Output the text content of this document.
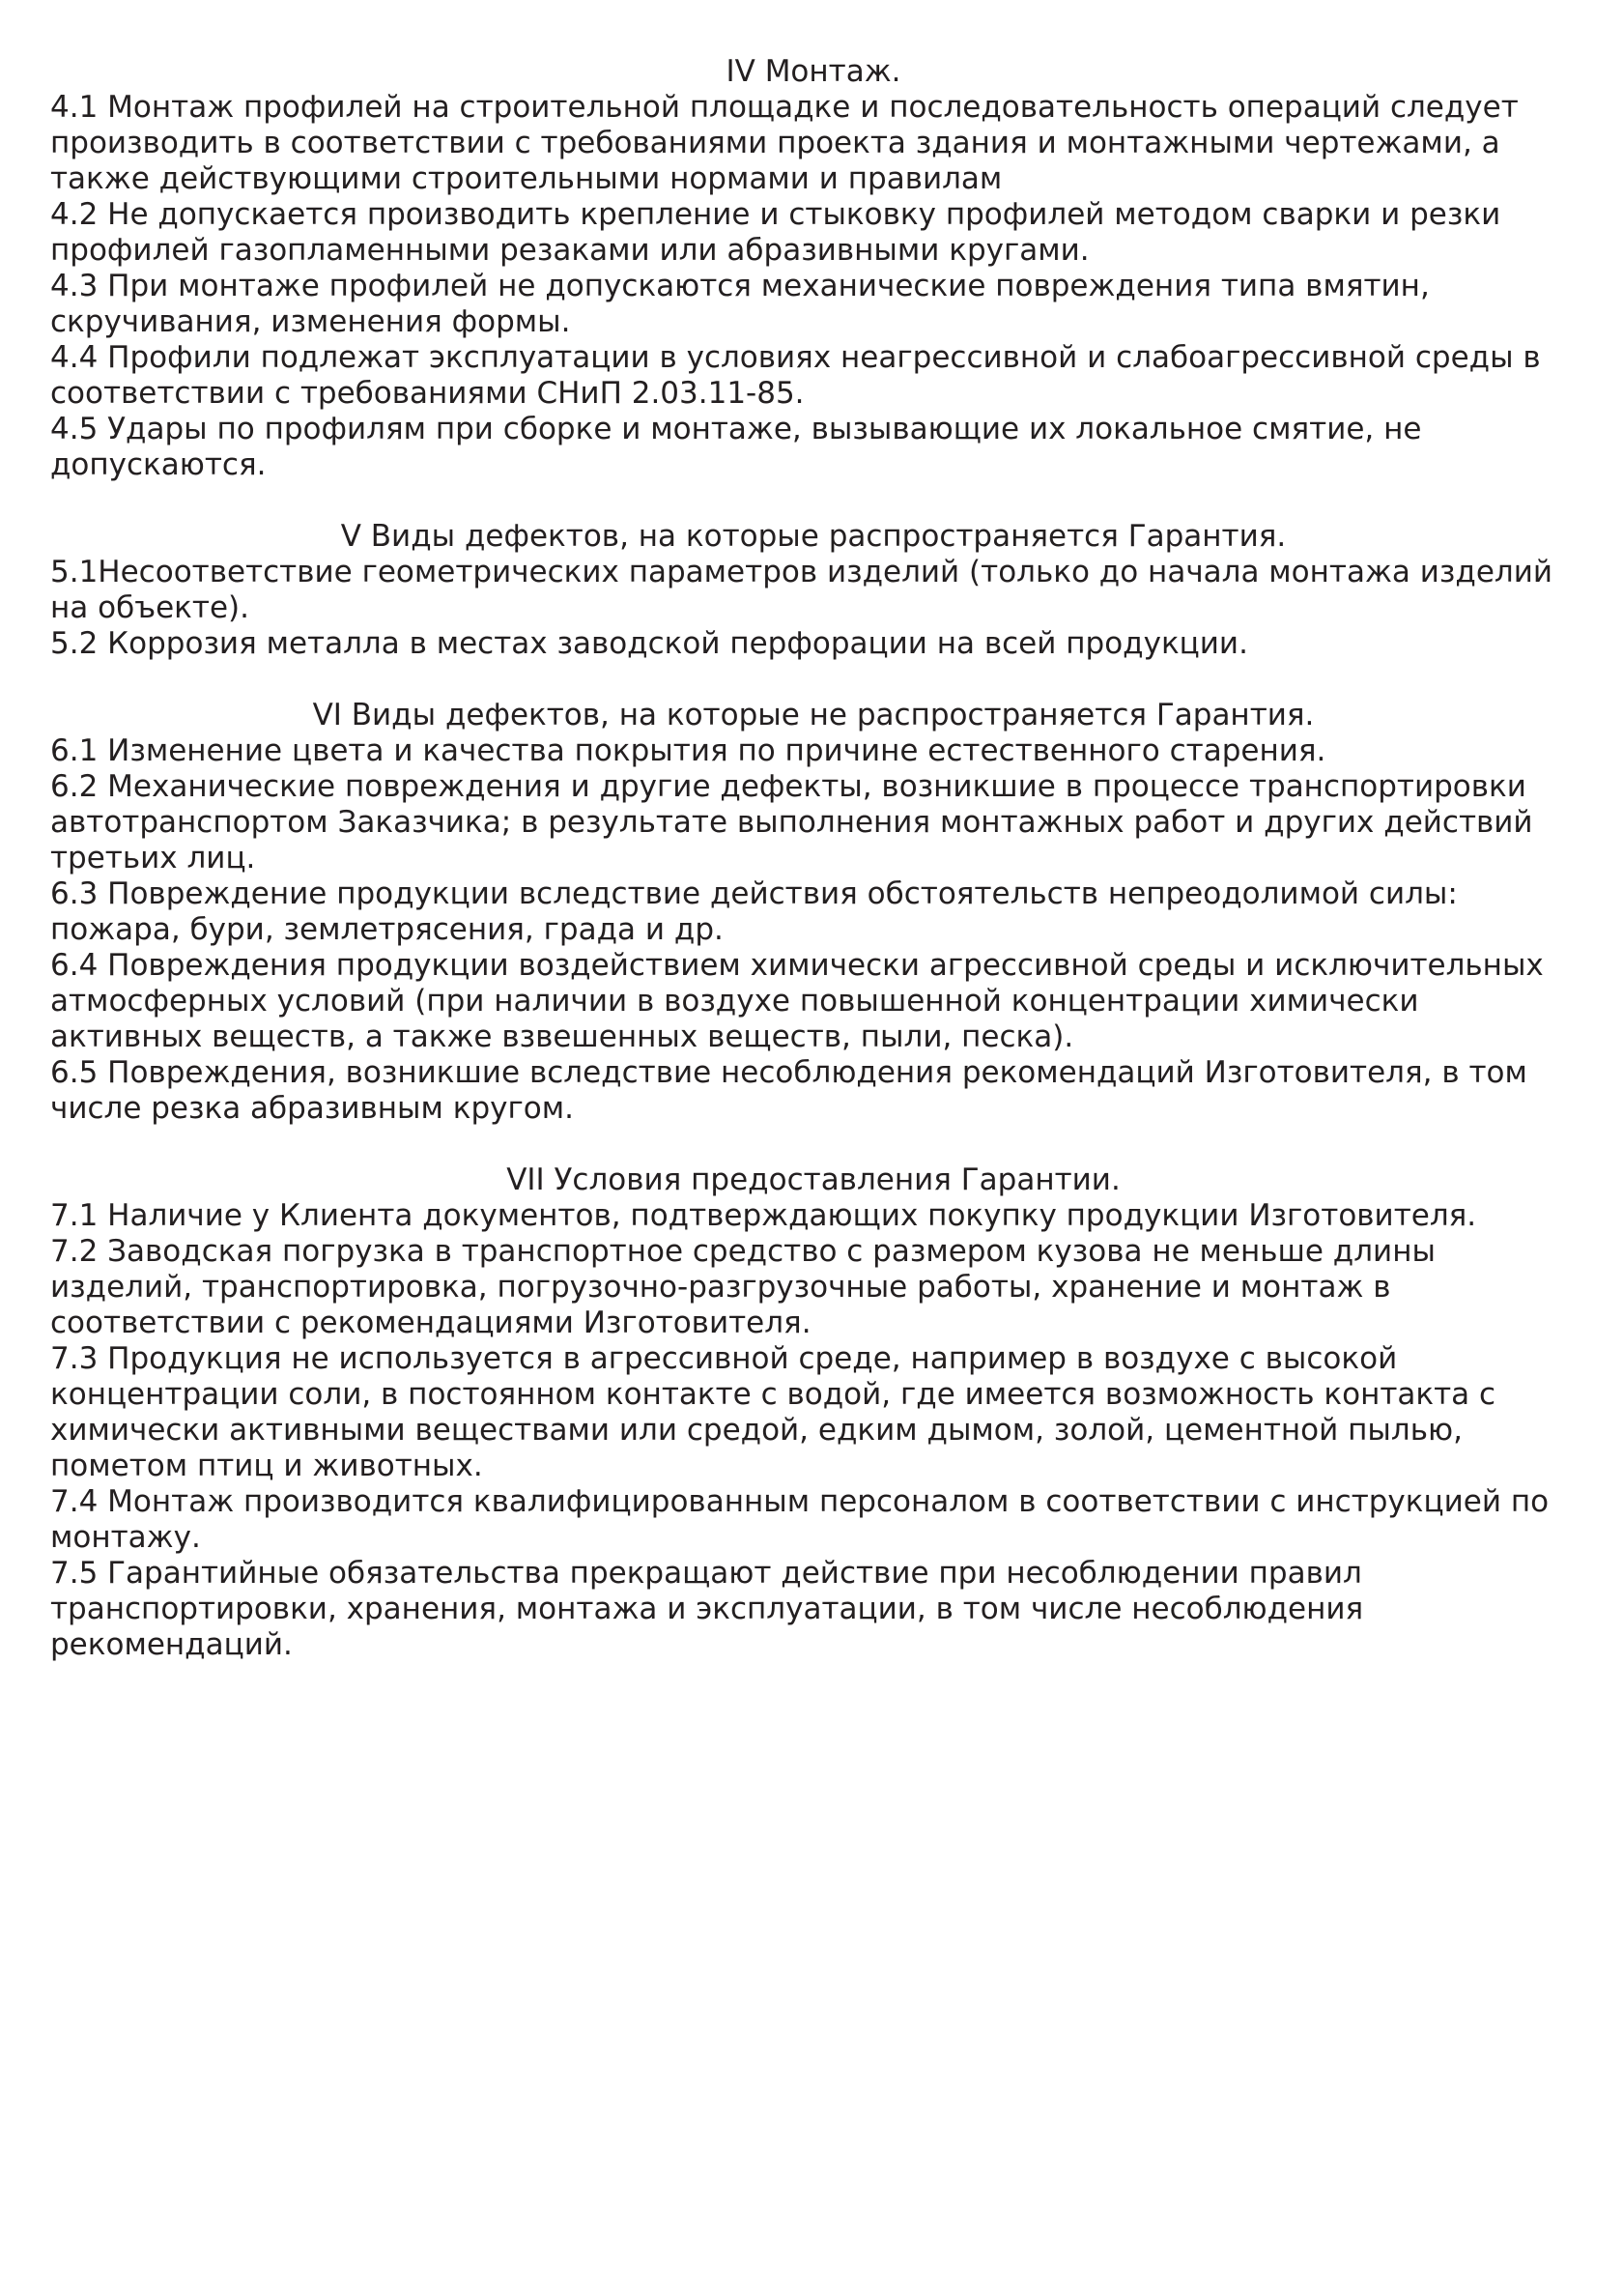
IV Монтаж.

4.1 Монтаж профилей на строительной площадке и последовательность операций следует производить в соответствии с требованиями проекта здания и монтажными чертежами, а также действующими строительными нормами и правилам

4.2 Не допускается производить крепление и стыковку профилей методом сварки и резки профилей газопламенными резаками или абразивными кругами.

4.3 При монтаже профилей не допускаются механические повреждения типа вмятин, скручивания, изменения формы.

4.4 Профили подлежат эксплуатации в условиях неагрессивной и слабоагрессивной среды в соответствии с требованиями СНиП 2.03.11-85.

4.5 Удары по профилям при сборке и монтаже, вызывающие их локальное смятие, не допускаются.

V Виды дефектов, на которые распространяется Гарантия.

5.1Несоответствие геометрических параметров изделий (только до начала монтажа изделий на объекте).

5.2 Коррозия металла в местах заводской перфорации на всей продукции.

VI Виды дефектов, на которые не распространяется Гарантия.

6.1 Изменение цвета и качества покрытия по причине естественного старения.

6.2 Механические повреждения и другие дефекты, возникшие в процессе транспортировки автотранспортом Заказчика; в результате выполнения монтажных работ и других действий третьих лиц.

6.3 Повреждение продукции вследствие действия обстоятельств непреодолимой силы: пожара, бури, землетрясения, града и др.

6.4 Повреждения продукции воздействием химически агрессивной среды и исключительных атмосферных условий (при наличии в воздухе повышенной концентрации химически активных веществ, а также взвешенных веществ, пыли, песка).

6.5 Повреждения, возникшие вследствие несоблюдения рекомендаций Изготовителя, в том числе резка абразивным кругом.

VII Условия предоставления Гарантии.

7.1 Наличие у Клиента документов, подтверждающих покупку продукции Изготовителя.

7.2 Заводская погрузка в транспортное средство с размером кузова не меньше длины изделий, транспортировка, погрузочно-разгрузочные работы, хранение и монтаж в соответствии с рекомендациями Изготовителя.

7.3 Продукция не используется в агрессивной среде, например в воздухе с высокой концентрации соли, в постоянном контакте с водой, где имеется возможность контакта с химически активными веществами или средой, едким дымом, золой, цементной пылью, пометом птиц и животных.

7.4 Монтаж производится квалифицированным персоналом в соответствии с инструкцией по монтажу.

7.5 Гарантийные обязательства прекращают действие при несоблюдении правил транспортировки, хранения, монтажа и эксплуатации, в том числе несоблюдения рекомендаций.
